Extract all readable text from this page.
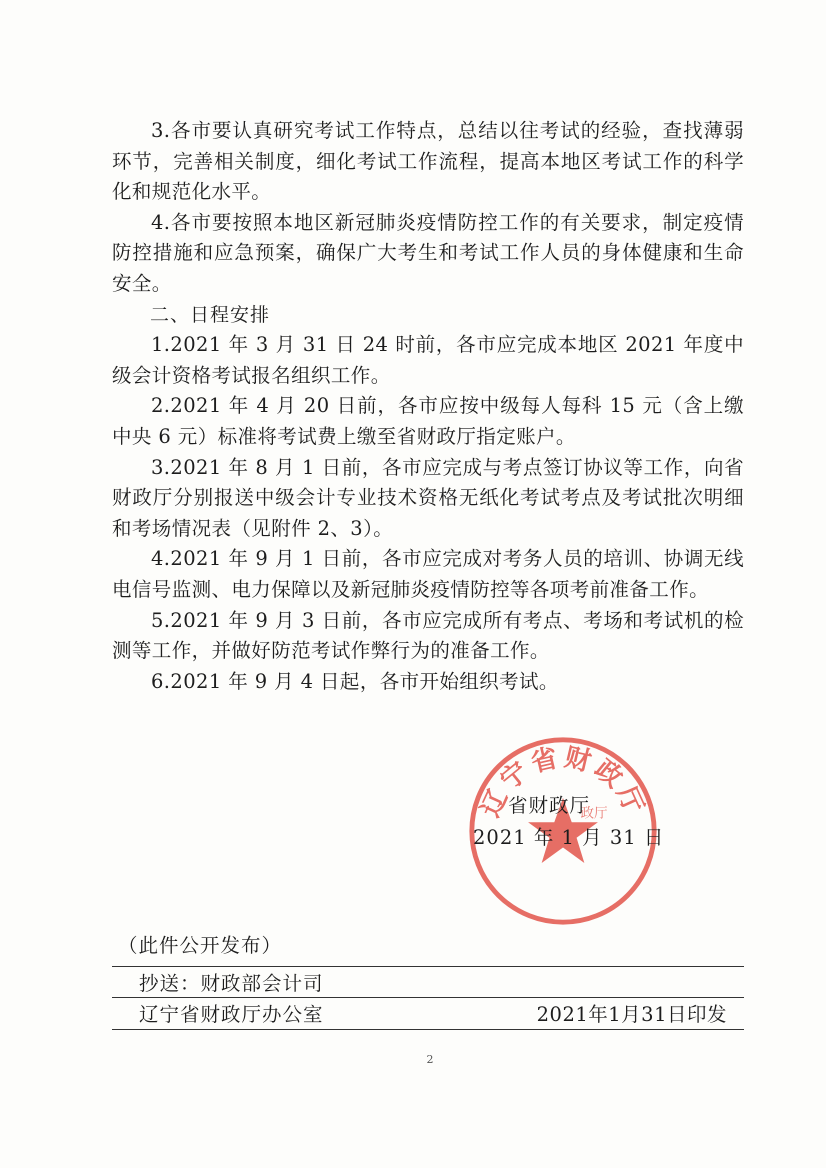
3.各市要认真研究考试工作特点，总结以往考试的经验，查找薄弱环节，完善相关制度，细化考试工作流程，提高本地区考试工作的科学化和规范化水平。

4.各市要按照本地区新冠肺炎疫情防控工作的有关要求，制定疫情防控措施和应急预案，确保广大考生和考试工作人员的身体健康和生命安全。

二、日程安排

1.2021 年 3 月 31 日 24 时前，各市应完成本地区 2021 年度中级会计资格考试报名组织工作。

2.2021 年 4 月 20 日前，各市应按中级每人每科 15 元（含上缴中央 6 元）标准将考试费上缴至省财政厅指定账户。

3.2021 年 8 月 1 日前，各市应完成与考点签订协议等工作，向省财政厅分别报送中级会计专业技术资格无纸化考试考点及考试批次明细和考场情况表（见附件 2、3）。

4.2021 年 9 月 1 日前，各市应完成对考务人员的培训、协调无线电信号监测、电力保障以及新冠肺炎疫情防控等各项考前准备工作。

5.2021 年 9 月 3 日前，各市应完成所有考点、考场和考试机的检测等工作，并做好防范考试作弊行为的准备工作。

6.2021 年 9 月 4 日起，各市开始组织考试。

辽宁省财政厅
政厅
省财政厅
2021 年 1 月 31 日
（此件公开发布）
抄送：财政部会计司
辽宁省财政厅办公室	2021年1月31日印发
2
